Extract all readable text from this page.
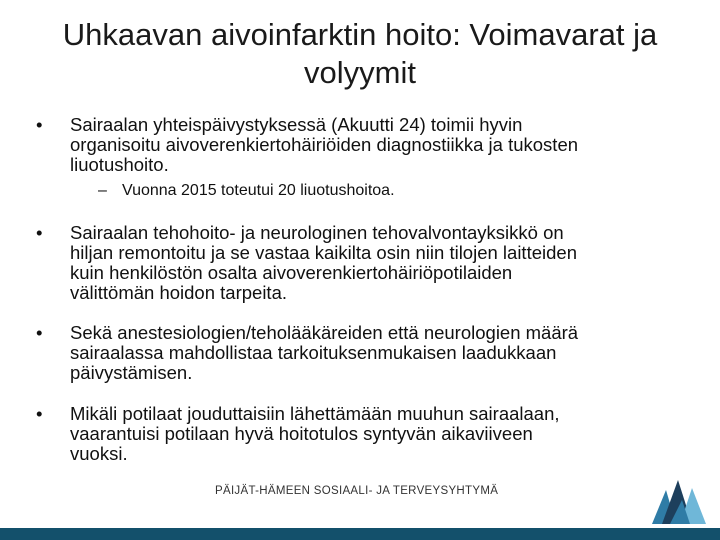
Uhkaavan aivoinfarktin hoito: Voimavarat ja volyymit
•	Sairaalan yhteispäivystyksessä (Akuutti 24) toimii hyvin
organisoitu aivoverenkiertohäiriöiden diagnostiikka ja tukosten
liuotushoito.
– Vuonna 2015 toteutui 20 liuotushoitoa.
•	Sairaalan tehohoito- ja neurologinen tehovalvontayksikkö on
hiljan remontoitu ja se vastaa kaikilta osin niin tilojen laitteiden
kuin henkilöstön osalta aivoverenkiertohäiriöpotilaiden
välittömän hoidon tarpeita.
•	Sekä anestesiologien/teholääkäreiden että neurologien määrä
sairaalassa mahdollistaa tarkoituksenmukaisen laadukkaan
päivystämisen.
•	Mikäli potilaat jouduttaisiin lähettämään muuhun sairaalaan,
vaarantuisi potilaan hyvä hoitotulos syntyvän aikaviiveen
vuoksi.
PÄIJÄT-HÄMEEN SOSIAALI- JA TERVEYSYHTYMÄ
